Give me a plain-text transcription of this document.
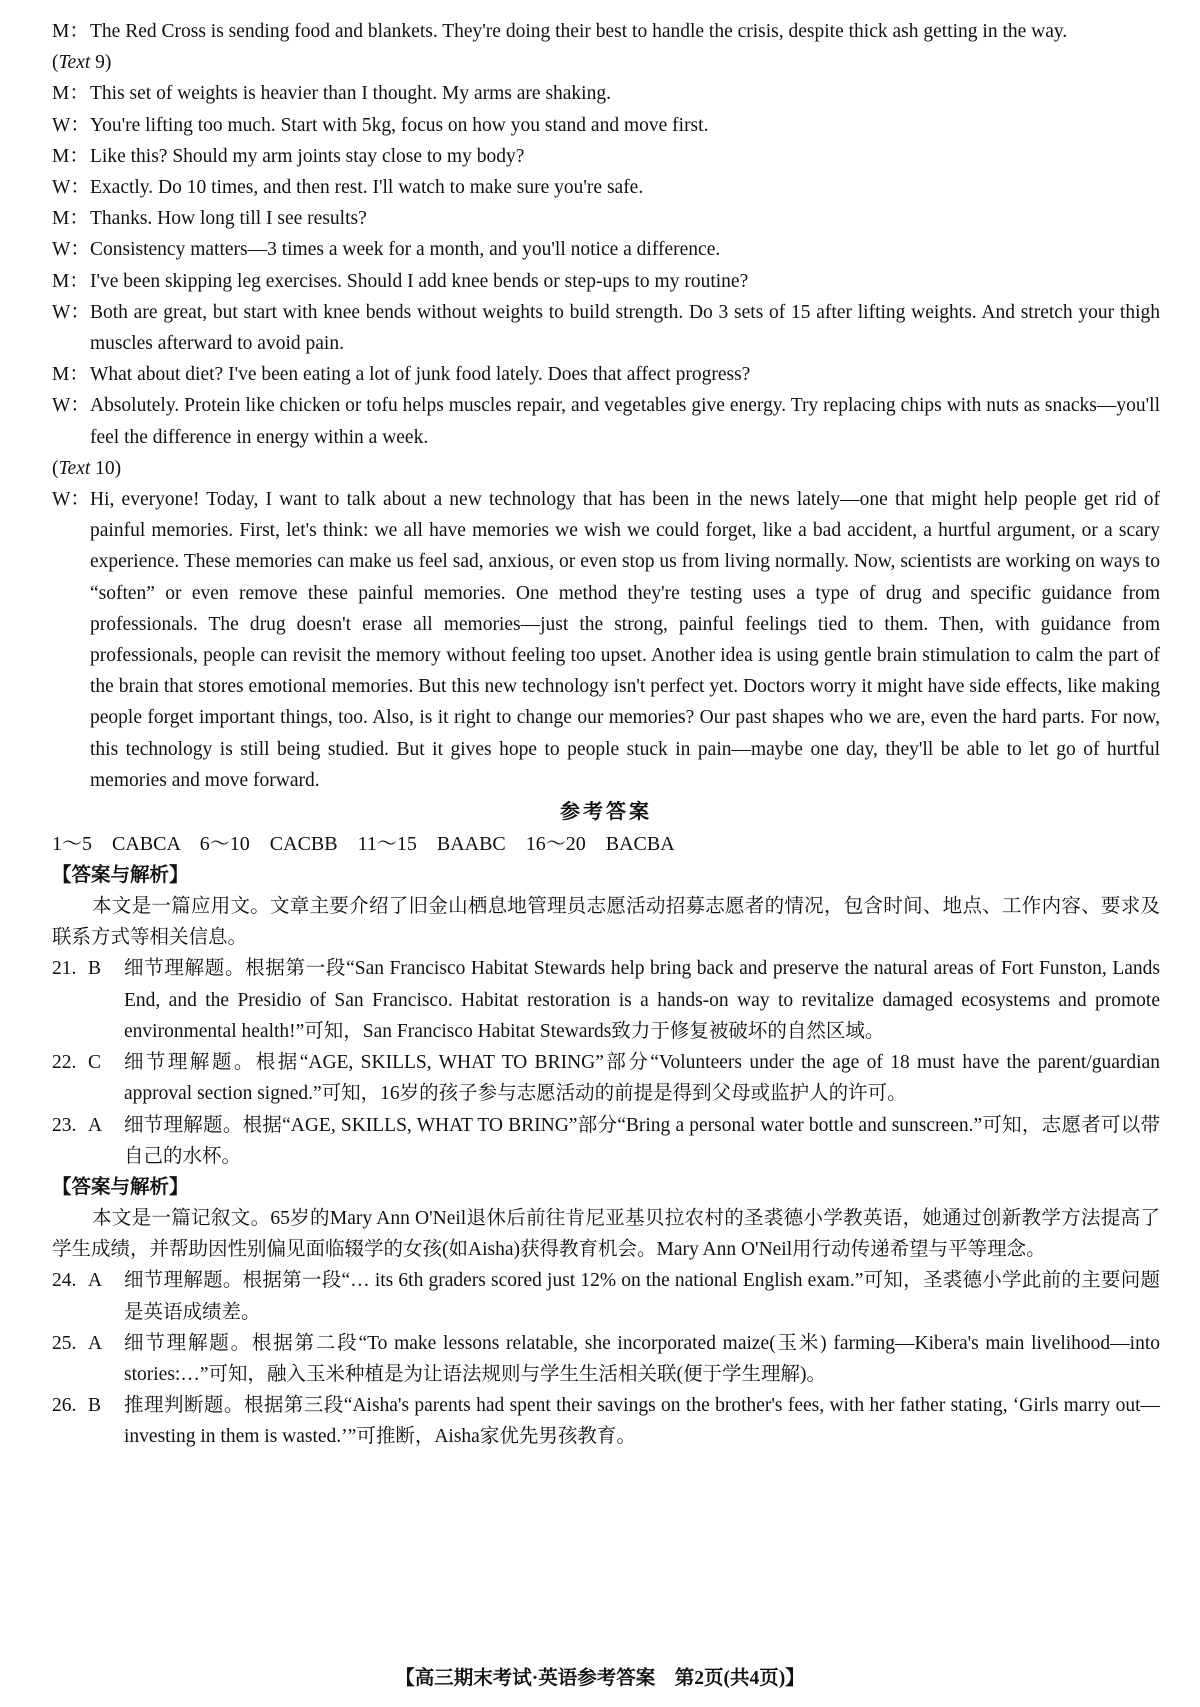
M： The Red Cross is sending food and blankets. They're doing their best to handle the crisis, despite thick ash getting in the way.
(Text 9)
M： This set of weights is heavier than I thought. My arms are shaking.
W： You're lifting too much. Start with 5kg, focus on how you stand and move first.
M： Like this? Should my arm joints stay close to my body?
W： Exactly. Do 10 times, and then rest. I'll watch to make sure you're safe.
M： Thanks. How long till I see results?
W： Consistency matters—3 times a week for a month, and you'll notice a difference.
M： I've been skipping leg exercises. Should I add knee bends or step-ups to my routine?
W： Both are great, but start with knee bends without weights to build strength. Do 3 sets of 15 after lifting weights. And stretch your thigh muscles afterward to avoid pain.
M： What about diet? I've been eating a lot of junk food lately. Does that affect progress?
W： Absolutely. Protein like chicken or tofu helps muscles repair, and vegetables give energy. Try replacing chips with nuts as snacks—you'll feel the difference in energy within a week.
(Text 10)
W： Hi, everyone! Today, I want to talk about a new technology that has been in the news lately—one that might help people get rid of painful memories. First, let's think: we all have memories we wish we could forget, like a bad accident, a hurtful argument, or a scary experience. These memories can make us feel sad, anxious, or even stop us from living normally. Now, scientists are working on ways to “soften” or even remove these painful memories. One method they're testing uses a type of drug and specific guidance from professionals. The drug doesn't erase all memories—just the strong, painful feelings tied to them. Then, with guidance from professionals, people can revisit the memory without feeling too upset. Another idea is using gentle brain stimulation to calm the part of the brain that stores emotional memories. But this new technology isn't perfect yet. Doctors worry it might have side effects, like making people forget important things, too. Also, is it right to change our memories? Our past shapes who we are, even the hard parts. For now, this technology is still being studied. But it gives hope to people stuck in pain—maybe one day, they'll be able to let go of hurtful memories and move forward.
参考答案
1～5　CABCA　6～10　CACBB　11～15　BAABC　16～20　BACBA
【答案与解析】
本文是一篇应用文。文章主要介绍了旧金山栖息地管理员志愿活动招募志愿者的情况，包含时间、地点、工作内容、要求及联系方式等相关信息。
21. B	细节理解题。根据第一段“San Francisco Habitat Stewards help bring back and preserve the natural areas of Fort Funston, Lands End, and the Presidio of San Francisco. Habitat restoration is a hands-on way to revitalize damaged ecosystems and promote environmental health!”可知，San Francisco Habitat Stewards致力于修复被破坏的自然区域。
22. C	细节理解题。根据“AGE, SKILLS, WHAT TO BRING”部分“Volunteers under the age of 18 must have the parent/guardian approval section signed.”可知，16岁的孩子参与志愿活动的前提是得到父母或监护人的许可。
23. A	细节理解题。根据“AGE, SKILLS, WHAT TO BRING”部分“Bring a personal water bottle and sunscreen.”可知，志愿者可以带自己的水杯。
【答案与解析】
本文是一篇记叙文。65岁的Mary Ann O'Neil退休后前往肯尼亚基贝拉农村的圣裘德小学教英语，她通过创新教学方法提高了学生成绩，并帮助因性别偏见面临辍学的女孩(如Aisha)获得教育机会。Mary Ann O'Neil用行动传递希望与平等理念。
24. A	细节理解题。根据第一段“… its 6th graders scored just 12% on the national English exam.”可知，圣裘德小学此前的主要问题是英语成绩差。
25. A	细节理解题。根据第二段“To make lessons relatable, she incorporated maize(玉米) farming—Kibera's main livelihood—into stories:…”可知，融入玉米种植是为让语法规则与学生生活相关联(便于学生理解)。
26. B	推理判断题。根据第三段“Aisha's parents had spent their savings on the brother's fees, with her father stating, ‘Girls marry out—investing in them is wasted.’”可推断，Aisha家优先男孩教育。
【高三期末考试·英语参考答案　第2页(共4页)】
